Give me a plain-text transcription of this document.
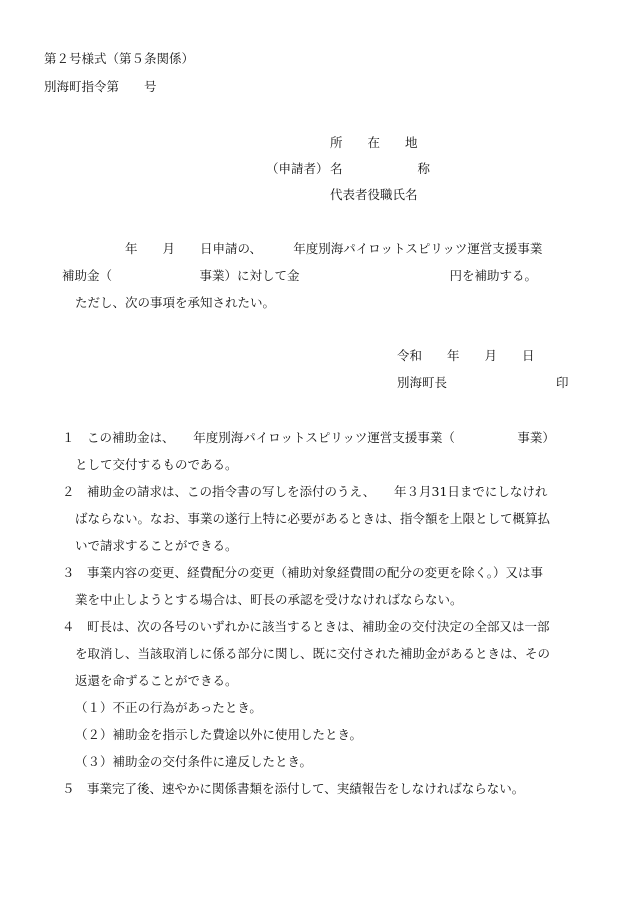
第２号様式（第５条関係）
別海町指令第　　号
所　　在　　地
（申請者） 名　　　　　　称
代表者役職氏名
年　　月　　日申請の、　　　年度別海パイロットスピリッツ運営支援事業
補助金（　　　　　　　事業）に対して金　　　　　　　　　　　　円を補助する。
ただし、次の事項を承知されたい。
令和　　年　　月　　日
別海町長	印
１ この補助金は、　　年度別海パイロットスピリッツ運営支援事業（　　　　　事業）
として交付するものである。
２ 補助金の請求は、この指令書の写しを添付のうえ、　　年３月31日までにしなけれ
ばならない。なお、事業の遂行上特に必要があるときは、指令額を上限として概算払
いで請求することができる。
３ 事業内容の変更、経費配分の変更（補助対象経費間の配分の変更を除く。）又は事
業を中止しようとする場合は、町長の承認を受けなければならない。
４ 町長は、次の各号のいずれかに該当するときは、補助金の交付決定の全部又は一部
を取消し、当該取消しに係る部分に関し、既に交付された補助金があるときは、その
返還を命ずることができる。
（１）不正の行為があったとき。
（２）補助金を指示した費途以外に使用したとき。
（３）補助金の交付条件に違反したとき。
５ 事業完了後、速やかに関係書類を添付して、実績報告をしなければならない。
